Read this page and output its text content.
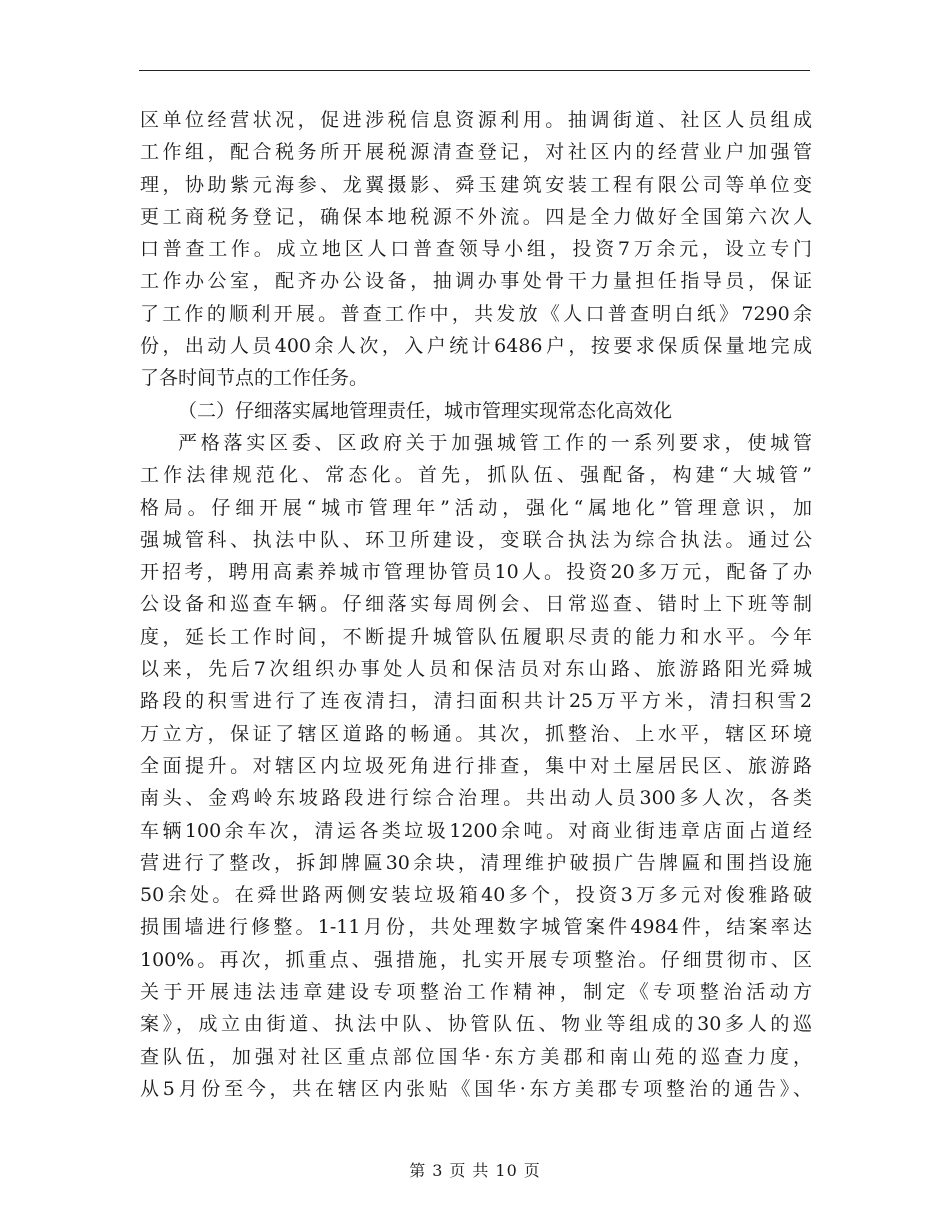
区单位经营状况，促进涉税信息资源利用。抽调街道、社区人员组成
工作组，配合税务所开展税源清查登记，对社区内的经营业户加强管
理，协助紫元海参、龙翼摄影、舜玉建筑安装工程有限公司等单位变
更工商税务登记，确保本地税源不外流。四是全力做好全国第六次人
口普查工作。成立地区人口普查领导小组，投资7万余元，设立专门
工作办公室，配齐办公设备，抽调办事处骨干力量担任指导员，保证
了工作的顺利开展。普查工作中，共发放《人口普查明白纸》7290余
份，出动人员400余人次，入户统计6486户，按要求保质保量地完成
了各时间节点的工作任务。
（二）仔细落实属地管理责任，城市管理实现常态化高效化
严格落实区委、区政府关于加强城管工作的一系列要求，使城管
工作法律规范化、常态化。首先，抓队伍、强配备，构建“大城管”
格局。仔细开展“城市管理年”活动，强化“属地化”管理意识，加
强城管科、执法中队、环卫所建设，变联合执法为综合执法。通过公
开招考，聘用高素养城市管理协管员10人。投资20多万元，配备了办
公设备和巡查车辆。仔细落实每周例会、日常巡查、错时上下班等制
度，延长工作时间，不断提升城管队伍履职尽责的能力和水平。今年
以来，先后7次组织办事处人员和保洁员对东山路、旅游路阳光舜城
路段的积雪进行了连夜清扫，清扫面积共计25万平方米，清扫积雪2
万立方，保证了辖区道路的畅通。其次，抓整治、上水平，辖区环境
全面提升。对辖区内垃圾死角进行排查，集中对土屋居民区、旅游路
南头、金鸡岭东坡路段进行综合治理。共出动人员300多人次，各类
车辆100余车次，清运各类垃圾1200余吨。对商业街违章店面占道经
营进行了整改，拆卸牌匾30余块，清理维护破损广告牌匾和围挡设施
50余处。在舜世路两侧安装垃圾箱40多个，投资3万多元对俊雅路破
损围墙进行修整。1-11月份，共处理数字城管案件4984件，结案率达
100%。再次，抓重点、强措施，扎实开展专项整治。仔细贯彻市、区
关于开展违法违章建设专项整治工作精神，制定《专项整治活动方
案》，成立由街道、执法中队、协管队伍、物业等组成的30多人的巡
查队伍，加强对社区重点部位国华·东方美郡和南山苑的巡查力度，
从5月份至今，共在辖区内张贴《国华·东方美郡专项整治的通告》、
第 3 页 共 10 页
